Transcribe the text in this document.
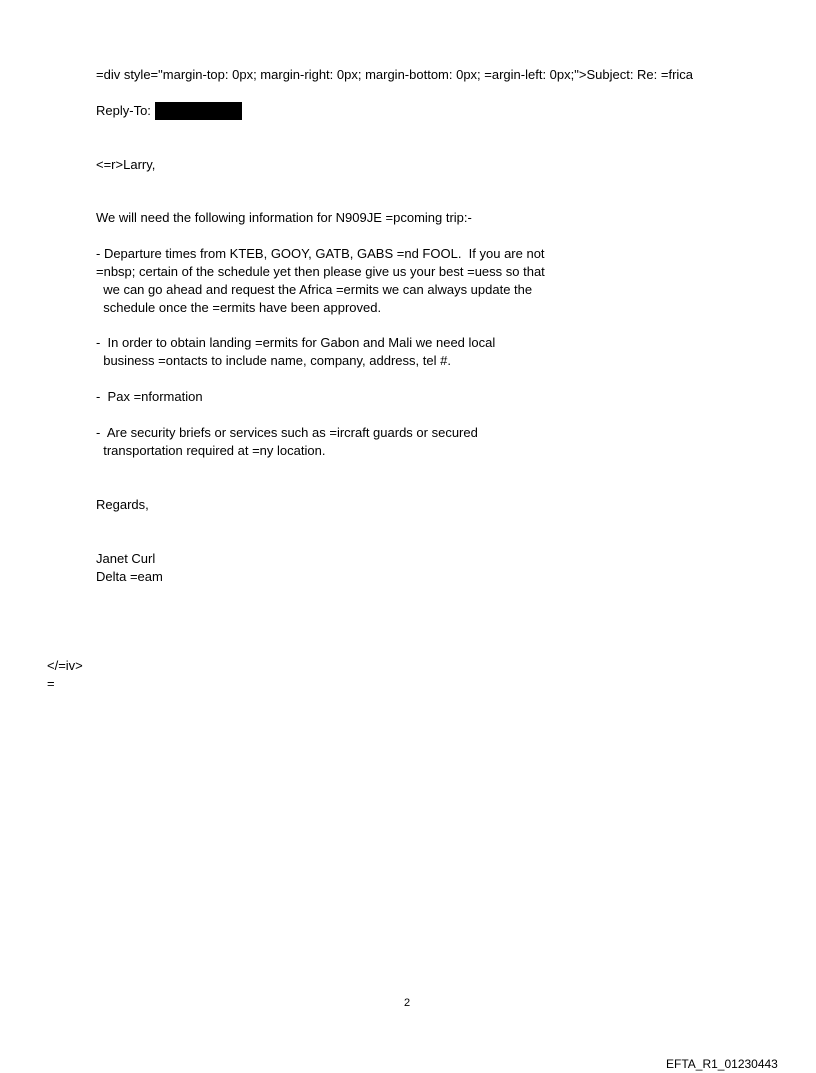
=div style="margin-top: 0px; margin-right: 0px; margin-bottom: 0px; =argin-left: 0px;">Subject: Re: =frica

Reply-To:

<=r>Larry,

We will need the following information for N909JE =pcoming trip:-

- Departure times from KTEB, GOOY, GATB, GABS =nd FOOL.  If you are not

=nbsp; certain of the schedule yet then please give us your best =uess so that

we can go ahead and request the Africa =ermits we can always update the

schedule once the =ermits have been approved.

-  In order to obtain landing =ermits for Gabon and Mali we need local

business =ontacts to include name, company, address, tel #.

-  Pax =nformation

-  Are security briefs or services such as =ircraft guards or secured

transportation required at =ny location.

Regards,

Janet Curl

Delta =eam

</=iv>

=

2

EFTA_R1_01230443
